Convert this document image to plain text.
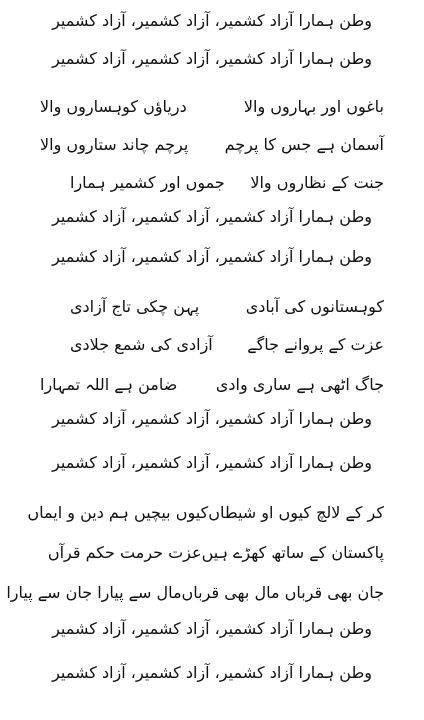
وطن ہمارا آزاد کشمیر، آزاد کشمیر، آزاد کشمیر
وطن ہمارا آزاد کشمیر، آزاد کشمیر، آزاد کشمیر
باغوں اور بہاروں والا
دریاؤں کوہساروں والا
آسمان ہے جس کا پرچم
پرچم چاند ستاروں والا
جنت کے نظاروں والا
جموں اور کشمیر ہمارا
وطن ہمارا آزاد کشمیر، آزاد کشمیر، آزاد کشمیر
وطن ہمارا آزاد کشمیر، آزاد کشمیر، آزاد کشمیر
کوہستانوں کی آبادی
پہن چکی تاج آزادی
عزت کے پروانے جاگے
آزادی کی شمع جلادی
جاگ اٹھی ہے ساری وادی
ضامن ہے اللہ تمہارا
وطن ہمارا آزاد کشمیر، آزاد کشمیر، آزاد کشمیر
وطن ہمارا آزاد کشمیر، آزاد کشمیر، آزاد کشمیر
کر کے لالچ کیوں او شیطاں
کیوں بیچیں ہم دین و ایماں
پاکستان کے ساتھ کھڑے ہیں
عزت حرمت حکم قرآں
جان بھی قرباں مال بھی قرباں
مال سے پیارا جان سے پیارا
وطن ہمارا آزاد کشمیر، آزاد کشمیر، آزاد کشمیر
وطن ہمارا آزاد کشمیر، آزاد کشمیر، آزاد کشمیر
